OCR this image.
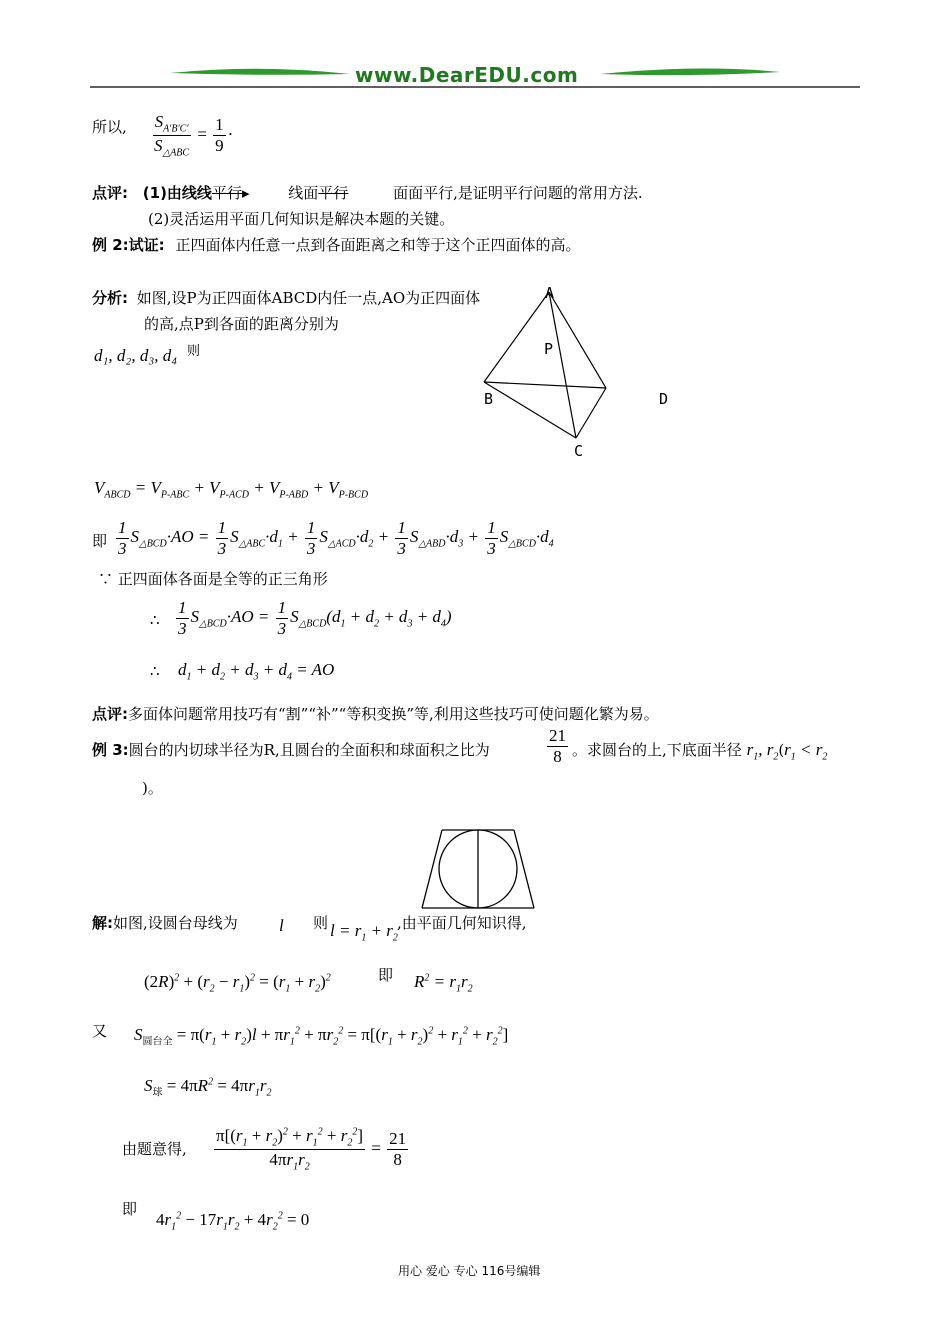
www.DearEDU.com
所以, $\frac{S_{A'B'C'}}{S_{\triangle ABC}} = \frac{1}{9}$ ·
点评: (1)由线线平行▸	线面平行	面面平行,是证明平行问题的常用方法.
(2)灵活运用平面几何知识是解决本题的关键。
例 2:试证: 正四面体内任意一点到各面距离之和等于这个正四面体的高。
分析: 如图,设P为正四面体ABCD内任一点,AO为正四面体
的高,点P到各面的距离分别为
d₁, d₂, d₃, d₄ 则
A
P
B
C
D
$V_{ABCD} = V_{P-ABC} + V_{P-ACD} + V_{P-ABD} + V_{P-BCD}$
即 $\frac{1}{3} S_{\triangle BCD}\cdot AO = \frac{1}{3} S_{\triangle ABC}\cdot d_1 + \frac{1}{3} S_{\triangle ACD}\cdot d_2 + \frac{1}{3} S_{\triangle ABD}\cdot d_3 + \frac{1}{3} S_{\triangle BCD}\cdot d_4$
∵ 正四面体各面是全等的正三角形
∴ $\frac{1}{3} S_{\triangle BCD}\cdot AO = \frac{1}{3} S_{\triangle BCD}(d_1 + d_2 + d_3 + d_4)$
∴ $d_1 + d_2 + d_3 + d_4$ = AO
点评:多面体问题常用技巧有“割”“补”“等积变换”等,利用这些技巧可使问题化繁为易。
例 3:圆台的内切球半径为R,且圆台的全面积和球面积之比为	$\frac{21}{8}$ 。求圆台的上,下底面半径 $r_1$, $r_2(r_1 < r_2$
)。
解:如图,设圆台母线为 l 则 $l = r_1 + r_2$
,由平面几何知识得,
$(2R)^2 + (r_2 - r_1)^2 = (r_1 + r_2)^2$	即 $R^2 = r_1r_2$
又 $S_{圆台全} = \pi(r_1 + r_2)l + \pi r_1^2 + \pi r_2^2 = \pi[(r_1 + r_2)^2 + r_1^2 + r_2^2]$
$S_球 = 4\pi R^2 = 4\pi r_1r_2$
由题意得, $\frac{\pi[(r_1 + r_2)^2 + r_1^2 + r_2^2]}{4\pi r_1r_2} = \frac{21}{8}$
即
$4r_1^2 - 17r_1r_2 + 4r_2^2 = 0$
用心 爱心 专心 116号编辑
